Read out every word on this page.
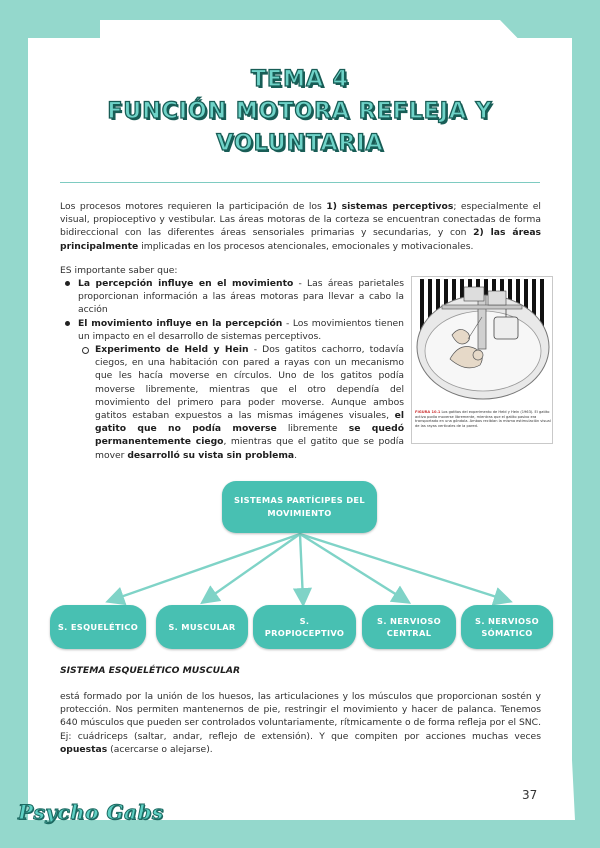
TEMA 4
FUNCIÓN MOTORA REFLEJA Y
VOLUNTARIA

Los procesos motores requieren la participación de los 1) sistemas perceptivos; especialmente el visual, propioceptivo y vestibular. Las áreas motoras de la corteza se encuentran conectadas de forma bidireccional con las diferentes áreas sensoriales primarias y secundarias, y con 2) las áreas principalmente implicadas en los procesos atencionales, emocionales y motivacionales.

ES importante saber que:

La percepción influye en el movimiento - Las áreas parietales proporcionan información a las áreas motoras para llevar a cabo la acción
El movimiento influye en la percepción - Los movimientos tienen un impacto en el desarrollo de sistemas perceptivos.
Experimento de Held y Hein - Dos gatitos cachorro, todavía ciegos, en una habitación con pared a rayas con un mecanismo que les hacía moverse en círculos. Uno de los gatitos podía moverse libremente, mientras que el otro dependía del movimiento del primero para poder moverse. Aunque ambos gatitos estaban expuestos a las mismas imágenes visuales, el gatito que no podía moverse libremente se quedó permanentemente ciego, mientras que el gatito que se podía mover desarrolló su vista sin problema.
FIGURA 10.1 Los gatitos del experimento de Held y Hein (1963). El gatito activo podía moverse libremente, mientras que el gatito pasivo era transportado en una góndola. Ambos recibían la misma estimulación visual de las rayas verticales de la pared.
SISTEMAS PARTÍCIPES DEL MOVIMIENTO
S. ESQUELÉTICO	S. MUSCULAR
S. PROPIOCEPTIVO
S. NERVIOSO CENTRAL
S. NERVIOSO SÓMATICO
SISTEMA ESQUELÉTICO MUSCULAR

está formado por la unión de los huesos, las articulaciones y los músculos que proporcionan sostén y protección. Nos permiten mantenernos de pie, restringir el movimiento y hacer de palanca. Tenemos 640 músculos que pueden ser controlados voluntariamente, rítmicamente o de forma refleja por el SNC. Ej: cuádriceps (saltar, andar, reflejo de extensión). Y que compiten por acciones muchas veces opuestas (acercarse o alejarse).

37
Psycho Gabs
